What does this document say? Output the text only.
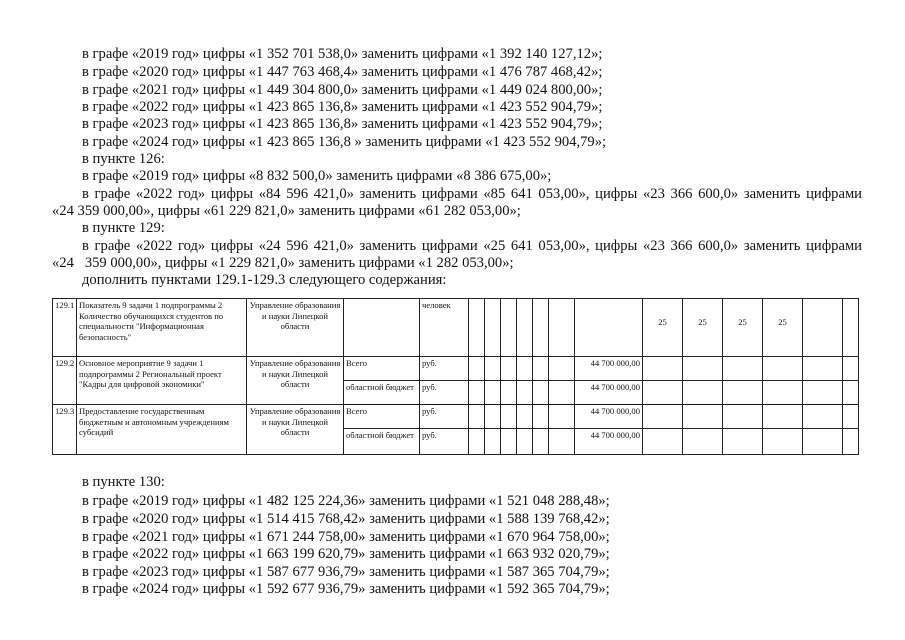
в графе «2019 год» цифры «1 352 701 538,0» заменить цифрами «1 392 140 127,12»;
в графе «2020 год» цифры «1 447 763 468,4» заменить цифрами «1 476 787 468,42»;
в графе «2021 год» цифры «1 449 304 800,0» заменить цифрами «1 449 024 800,00»;
в графе «2022 год» цифры «1 423 865 136,8» заменить цифрами «1 423 552 904,79»;
в графе «2023 год» цифры «1 423 865 136,8» заменить цифрами «1 423 552 904,79»;
в графе «2024 год» цифры «1 423 865 136,8 » заменить цифрами «1 423 552 904,79»;
в пункте 126:
в графе «2019 год» цифры «8 832 500,0» заменить цифрами «8 386 675,00»;
в графе «2022 год» цифры «84 596 421,0» заменить цифрами «85 641 053,00», цифры «23 366 600,0» заменить цифрами
«24 359 000,00», цифры «61 229 821,0» заменить цифрами «61 282 053,00»;
в пункте 129:
в графе «2022 год» цифры «24 596 421,0» заменить цифрами «25 641 053,00», цифры «23 366 600,0» заменить цифрами
«24   359 000,00», цифры «1 229 821,0» заменить цифрами «1 282 053,00»;
дополнить пунктами 129.1-129.3 следующего содержания:
129.1	Показатель 9 задачи 1 подпрограммы 2 Количество обучающихся студентов по специальности "Информационная безопасность"	Управление образования и науки Липецкой области		человек								25	25	25	25		
129.2	Основное мероприятие 9 задачи 1 подпрограммы 2 Региональный проект "Кадры для цифровой экономики"	Управление образования и науки Липецкой области	Всего	руб.							44 700 000,00						
			областной бюджет	руб.							44 700 000,00						
129.3	Предоставление государственным бюджетным и автономным учреждениям субсидий	Управление образования и науки Липецкой области	Всего	руб.							44 700 000,00						
			областной бюджет	руб.							44 700 000,00						
в пункте 130:
в графе «2019 год» цифры «1 482 125 224,36» заменить цифрами «1 521 048 288,48»;
в графе «2020 год» цифры «1 514 415 768,42» заменить цифрами «1 588 139 768,42»;
в графе «2021 год» цифры «1 671 244 758,00» заменить цифрами «1 670 964 758,00»;
в графе «2022 год» цифры «1 663 199 620,79» заменить цифрами «1 663 932 020,79»;
в графе «2023 год» цифры «1 587 677 936,79» заменить цифрами «1 587 365 704,79»;
в графе «2024 год» цифры «1 592 677 936,79» заменить цифрами «1 592 365 704,79»;
